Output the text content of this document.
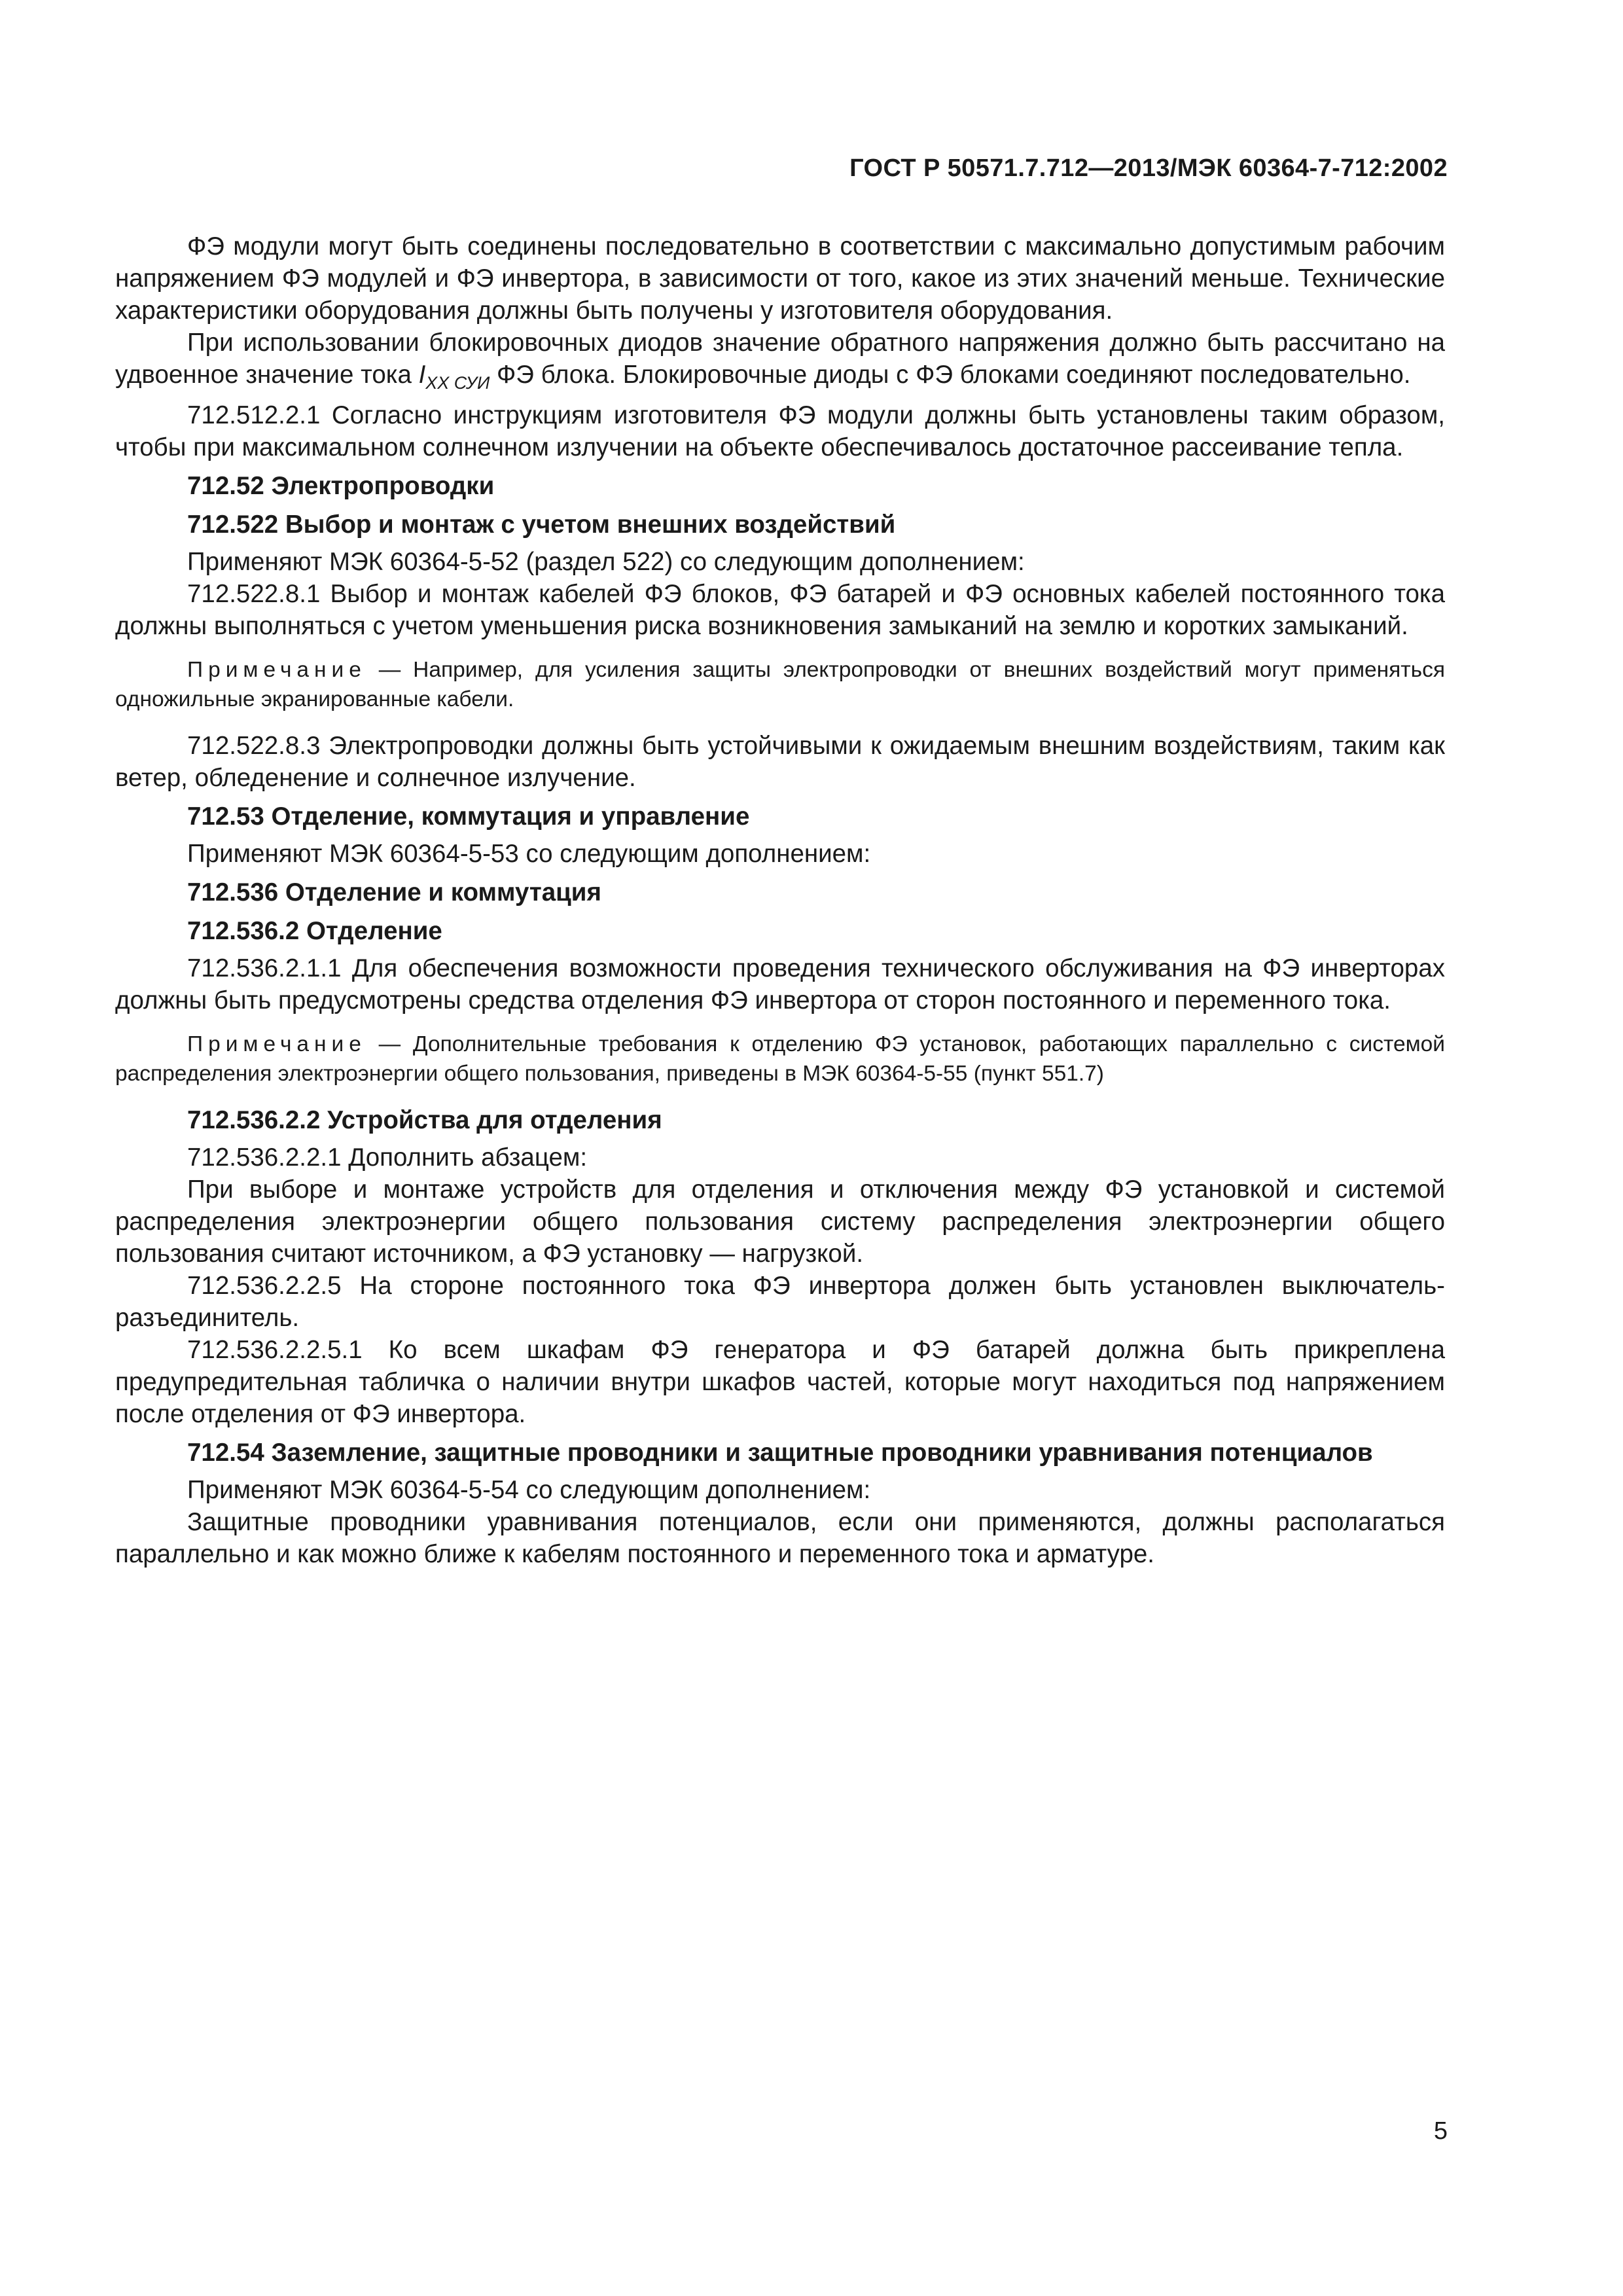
ГОСТ Р 50571.7.712—2013/МЭК 60364-7-712:2002

ФЭ модули могут быть соединены последовательно в соответствии с максимально допустимым рабочим напряжением ФЭ модулей и ФЭ инвертора, в зависимости от того, какое из этих значений меньше. Технические характеристики оборудования должны быть получены у изготовителя оборудования.

При использовании блокировочных диодов значение обратного напряжения должно быть рассчитано на удвоенное значение тока $I_{ХХ СУИ}$ ФЭ блока. Блокировочные диоды с ФЭ блоками соединяют последовательно.

712.512.2.1 Согласно инструкциям изготовителя ФЭ модули должны быть установлены таким образом, чтобы при максимальном солнечном излучении на объекте обеспечивалось достаточное рассеивание тепла.

712.52 Электропроводки
712.522 Выбор и монтаж с учетом внешних воздействий

Применяют МЭК 60364-5-52 (раздел 522) со следующим дополнением:

712.522.8.1 Выбор и монтаж кабелей ФЭ блоков, ФЭ батарей и ФЭ основных кабелей постоянного тока должны выполняться с учетом уменьшения риска возникновения замыканий на землю и коротких замыканий.

Примечание — Например, для усиления защиты электропроводки от внешних воздействий могут применяться одножильные экранированные кабели.

712.522.8.3 Электропроводки должны быть устойчивыми к ожидаемым внешним воздействиям, таким как ветер, обледенение и солнечное излучение.

712.53 Отделение, коммутация и управление

Применяют МЭК 60364-5-53 со следующим дополнением:

712.536 Отделение и коммутация
712.536.2 Отделение

712.536.2.1.1 Для обеспечения возможности проведения технического обслуживания на ФЭ инверторах должны быть предусмотрены средства отделения ФЭ инвертора от сторон постоянного и переменного тока.

Примечание — Дополнительные требования к отделению ФЭ установок, работающих параллельно с системой распределения электроэнергии общего пользования, приведены в МЭК 60364-5-55 (пункт 551.7)

712.536.2.2 Устройства для отделения

712.536.2.2.1 Дополнить абзацем:

При выборе и монтаже устройств для отделения и отключения между ФЭ установкой и системой распределения электроэнергии общего пользования систему распределения электроэнергии общего пользования считают источником, а ФЭ установку — нагрузкой.

712.536.2.2.5 На стороне постоянного тока ФЭ инвертора должен быть установлен выключатель-разъединитель.

712.536.2.2.5.1 Ко всем шкафам ФЭ генератора и ФЭ батарей должна быть прикреплена предупредительная табличка о наличии внутри шкафов частей, которые могут находиться под напряжением после отделения от ФЭ инвертора.

712.54 Заземление, защитные проводники и защитные проводники уравнивания потенциалов

Применяют МЭК 60364-5-54 со следующим дополнением:

Защитные проводники уравнивания потенциалов, если они применяются, должны располагаться параллельно и как можно ближе к кабелям постоянного и переменного тока и арматуре.

5
